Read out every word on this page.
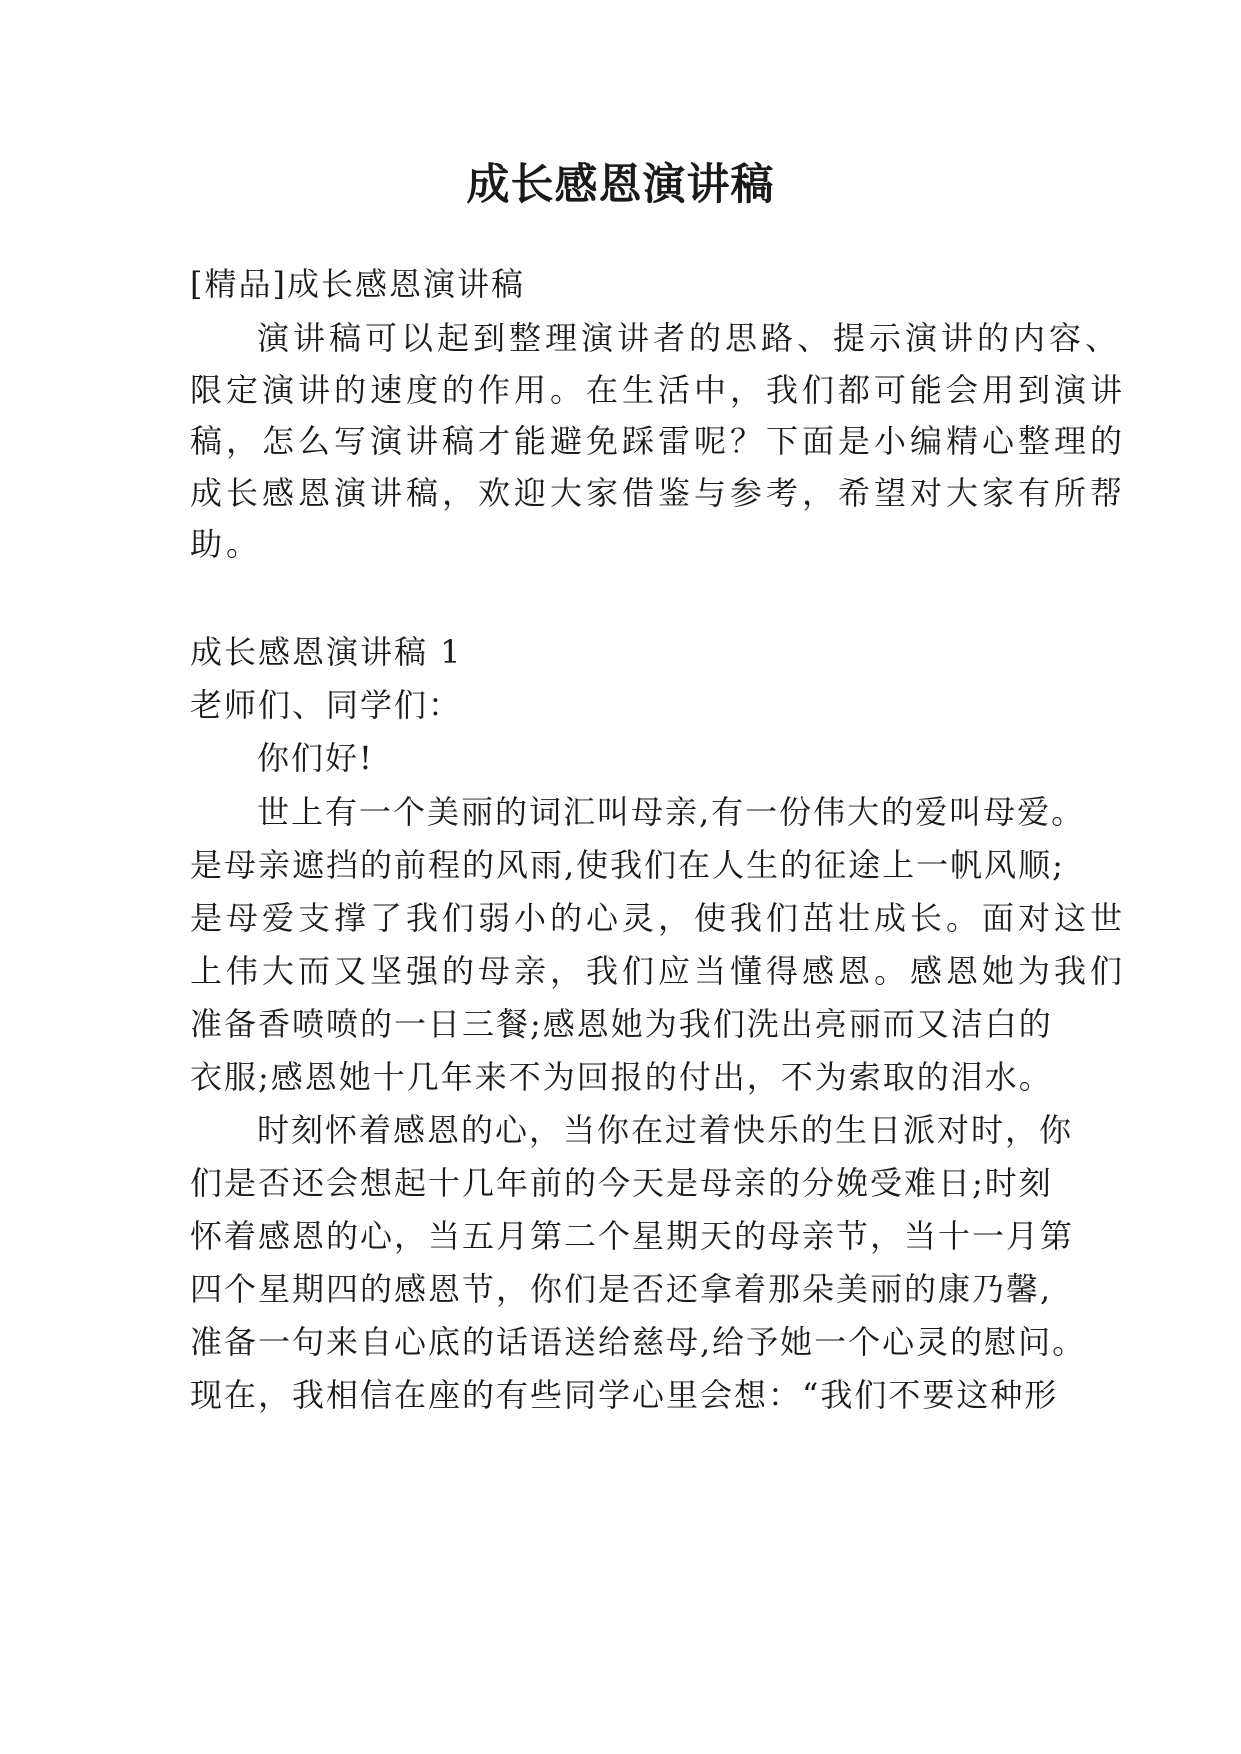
成长感恩演讲稿
[精品]成长感恩演讲稿
演讲稿可以起到整理演讲者的思路、提示演讲的内容、
限定演讲的速度的作用。在生活中，我们都可能会用到演讲
稿，怎么写演讲稿才能避免踩雷呢？下面是小编精心整理的
成长感恩演讲稿，欢迎大家借鉴与参考，希望对大家有所帮
助。
成长感恩演讲稿 1
老师们、同学们：
你们好!
世上有一个美丽的词汇叫母亲,有一份伟大的爱叫母爱。
是母亲遮挡的前程的风雨,使我们在人生的征途上一帆风顺;
是母爱支撑了我们弱小的心灵，使我们茁壮成长。面对这世
上伟大而又坚强的母亲，我们应当懂得感恩。感恩她为我们
准备香喷喷的一日三餐;感恩她为我们洗出亮丽而又洁白的
衣服;感恩她十几年来不为回报的付出，不为索取的泪水。
时刻怀着感恩的心，当你在过着快乐的生日派对时，你
们是否还会想起十几年前的今天是母亲的分娩受难日;时刻
怀着感恩的心，当五月第二个星期天的母亲节，当十一月第
四个星期四的感恩节，你们是否还拿着那朵美丽的康乃馨,
准备一句来自心底的话语送给慈母,给予她一个心灵的慰问。
现在，我相信在座的有些同学心里会想：“我们不要这种形
